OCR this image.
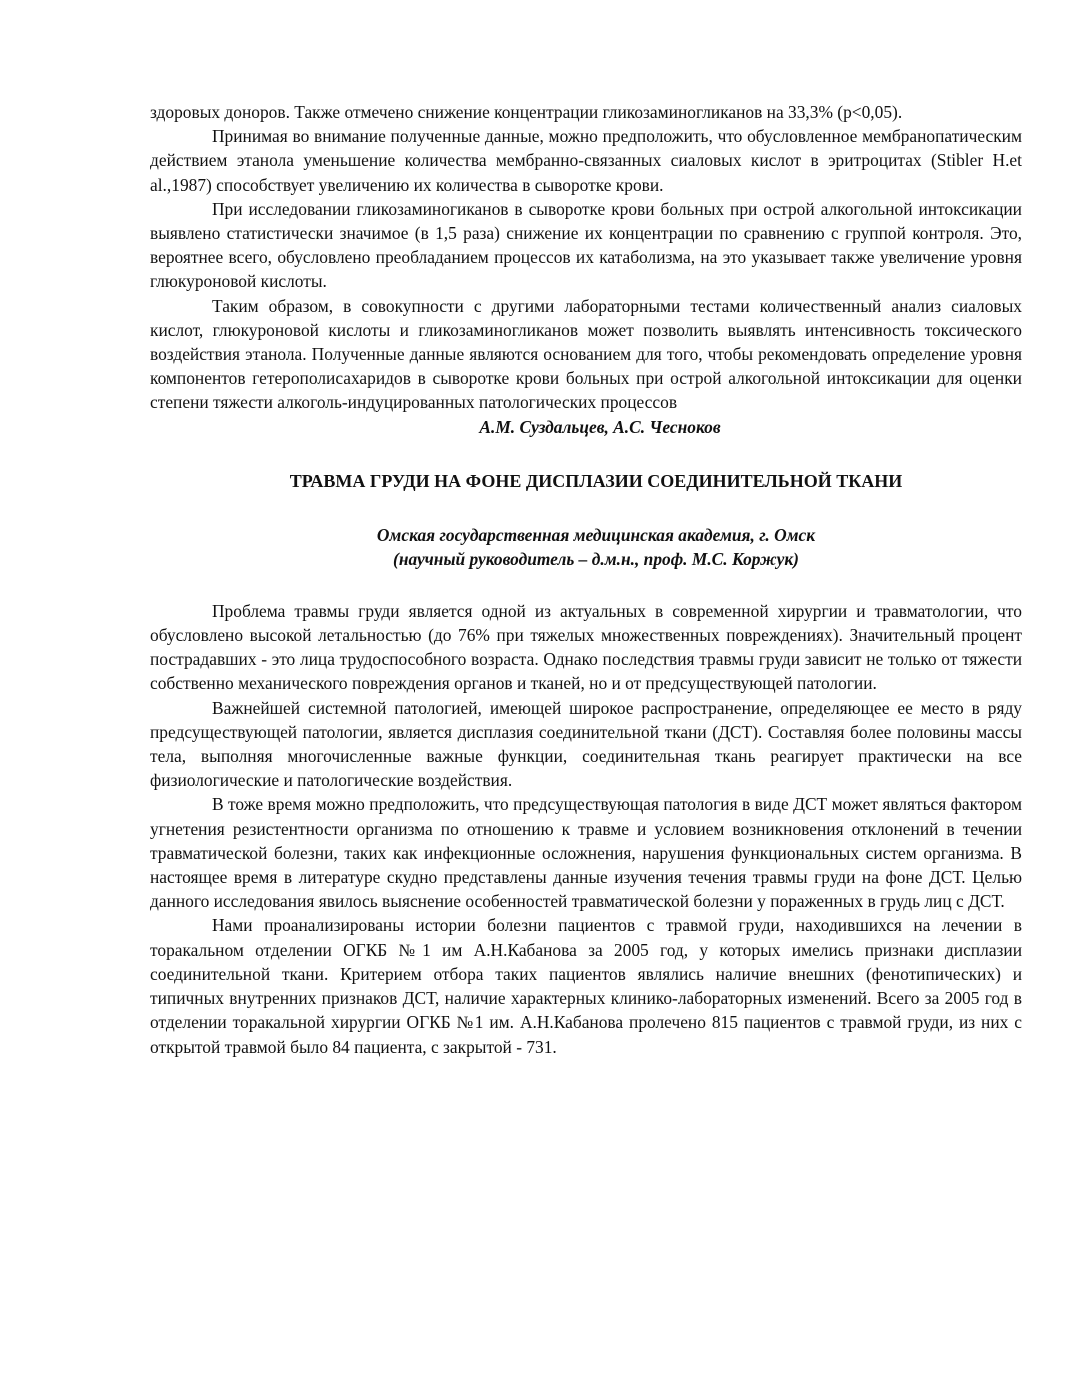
здоровых доноров. Также отмечено снижение концентрации гликозаминогликанов на 33,3% (р<0,05).

Принимая во внимание полученные данные, можно предположить, что обусловленное мембранопатическим действием этанола уменьшение количества мембранно-связанных сиаловых кислот в эритроцитах (Stibler H.et al.,1987) способствует увеличению их количества в сыворотке крови.

При исследовании гликозаминогиканов в сыворотке крови больных при острой алкогольной интоксикации выявлено статистически значимое (в 1,5 раза) снижение их концентрации по сравнению с группой контроля. Это, вероятнее всего, обусловлено преобладанием процессов их катаболизма, на это указывает также увеличение уровня глюкуроновой кислоты.

Таким образом, в совокупности с другими лабораторными тестами количественный анализ сиаловых кислот, глюкуроновой кислоты и гликозаминогликанов может позволить выявлять интенсивность токсического воздействия этанола. Полученные данные являются основанием для того, чтобы рекомендовать определение уровня компонентов гетерополисахаридов в сыворотке крови больных при острой алкогольной интоксикации для оценки степени тяжести алкоголь-индуцированных патологических процессов

А.М. Суздальцев, А.С. Чесноков

ТРАВМА ГРУДИ НА ФОНЕ ДИСПЛАЗИИ СОЕДИНИТЕЛЬНОЙ ТКАНИ
Омская государственная медицинская академия, г. Омск
(научный руководитель – д.м.н., проф. М.С. Коржук)

Проблема травмы груди является одной из актуальных в современной хирургии и травматологии, что обусловлено высокой летальностью (до 76% при тяжелых множественных повреждениях). Значительный процент пострадавших - это лица трудоспособного возраста. Однако последствия травмы груди зависит не только от тяжести собственно механического повреждения органов и тканей, но и от предсуществующей патологии.

Важнейшей системной патологией, имеющей широкое распространение, определяющее ее место в ряду предсуществующей патологии, является дисплазия соединительной ткани (ДСТ). Составляя более половины массы тела, выполняя многочисленные важные функции, соединительная ткань реагирует практически на все физиологические и патологические воздействия.

В тоже время можно предположить, что предсуществующая патология в виде ДСТ может являться фактором угнетения резистентности организма по отношению к травме и условием возникновения отклонений в течении травматической болезни, таких как инфекционные осложнения, нарушения функциональных систем организма. В настоящее время в литературе скудно представлены данные изучения течения травмы груди на фоне ДСТ. Целью данного исследования явилось выяснение особенностей травматической болезни у пораженных в грудь лиц с ДСТ.

Нами проанализированы истории болезни пациентов с травмой груди, находившихся на лечении в торакальном отделении ОГКБ №1 им А.Н.Кабанова за 2005 год, у которых имелись признаки дисплазии соединительной ткани. Критерием отбора таких пациентов являлись наличие внешних (фенотипических) и типичных внутренних признаков ДСТ, наличие характерных клинико-лабораторных изменений. Всего за 2005 год в отделении торакальной хирургии ОГКБ №1 им. А.Н.Кабанова пролечено 815 пациентов с травмой груди, из них с открытой травмой было 84 пациента, с закрытой - 731.
